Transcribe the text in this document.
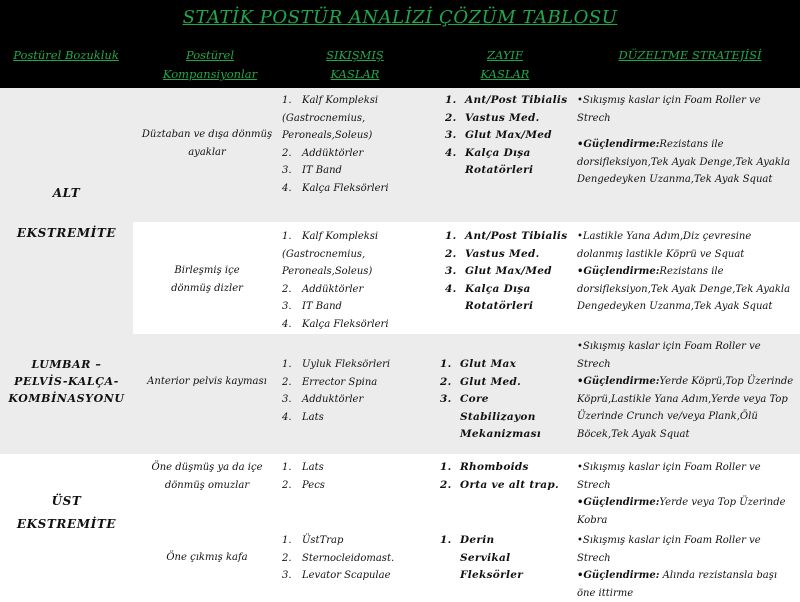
STATİK POSTÜR ANALİZİ ÇÖZÜM TABLOSU
Postürel Bozukluk	Postürel
Kompansiyonlar
SIKIŞMIŞ
KASLAR
ZAYIF
KASLAR
DÜZELTME STRATEJİSİ
ALT
EKSTREMİTE
LUMBAR –
PELVİS-KALÇA-
KOMBİNASYONU
ÜST
EKSTREMİTE
Düztaban ve dışa dönmüş
ayaklar
1. Kalf Kompleksi
(Gastrocnemius, Peroneals,Soleus)
2. Addüktörler
3. IT Band
4. Kalça Fleksörleri
1. Ant/Post Tibialis
2. Vastus Med.
3. Glut Max/Med
4. Kalça Dışa Rotatörleri

•Sıkışmış kaslar için Foam Roller ve Strech

•Güçlendirme:Rezistans ile dorsifleksiyon,Tek Ayak Denge,Tek Ayakla Dengedeyken Uzanma,Tek Ayak Squat

Birleşmiş içe
dönmüş dizler
1. Kalf Kompleksi
(Gastrocnemius, Peroneals,Soleus)
2. Addüktörler
3. IT Band
4. Kalça Fleksörleri
1. Ant/Post Tibialis
2. Vastus Med.
3. Glut Max/Med
4. Kalça Dışa Rotatörleri

•Lastikle Yana Adım,Diz çevresine dolanmış lastikle Köprü ve Squat

•Güçlendirme:Rezistans ile dorsifleksiyon,Tek Ayak Denge,Tek Ayakla Dengedeyken Uzanma,Tek Ayak Squat

Anterior pelvis kayması
1. Uyluk Fleksörleri
2. Errector Spina
3. Adduktörler
4. Lats
1. Glut Max
2. Glut Med.
3. Core Stabilizayon Mekanizması

•Sıkışmış kaslar için Foam Roller ve Strech

•Güçlendirme:Yerde Köprü,Top Üzerinde Köprü,Lastikle Yana Adım,Yerde veya Top Üzerinde Crunch ve/veya Plank,Ölü Böcek,Tek Ayak Squat

Öne düşmüş ya da içe
dönmüş omuzlar
1. Lats
2. Pecs
1. Rhomboids
2. Orta ve alt trap.

•Sıkışmış kaslar için Foam Roller ve Strech

•Güçlendirme:Yerde veya Top Üzerinde Kobra

Öne çıkmış kafa
1. ÜstTrap
2. Sternocleidomast.
3. Levator Scapulae
1. Derin Servikal Fleksörler

•Sıkışmış kaslar için Foam Roller ve Strech

•Güçlendirme: Alında rezistansla başı öne ittirme
